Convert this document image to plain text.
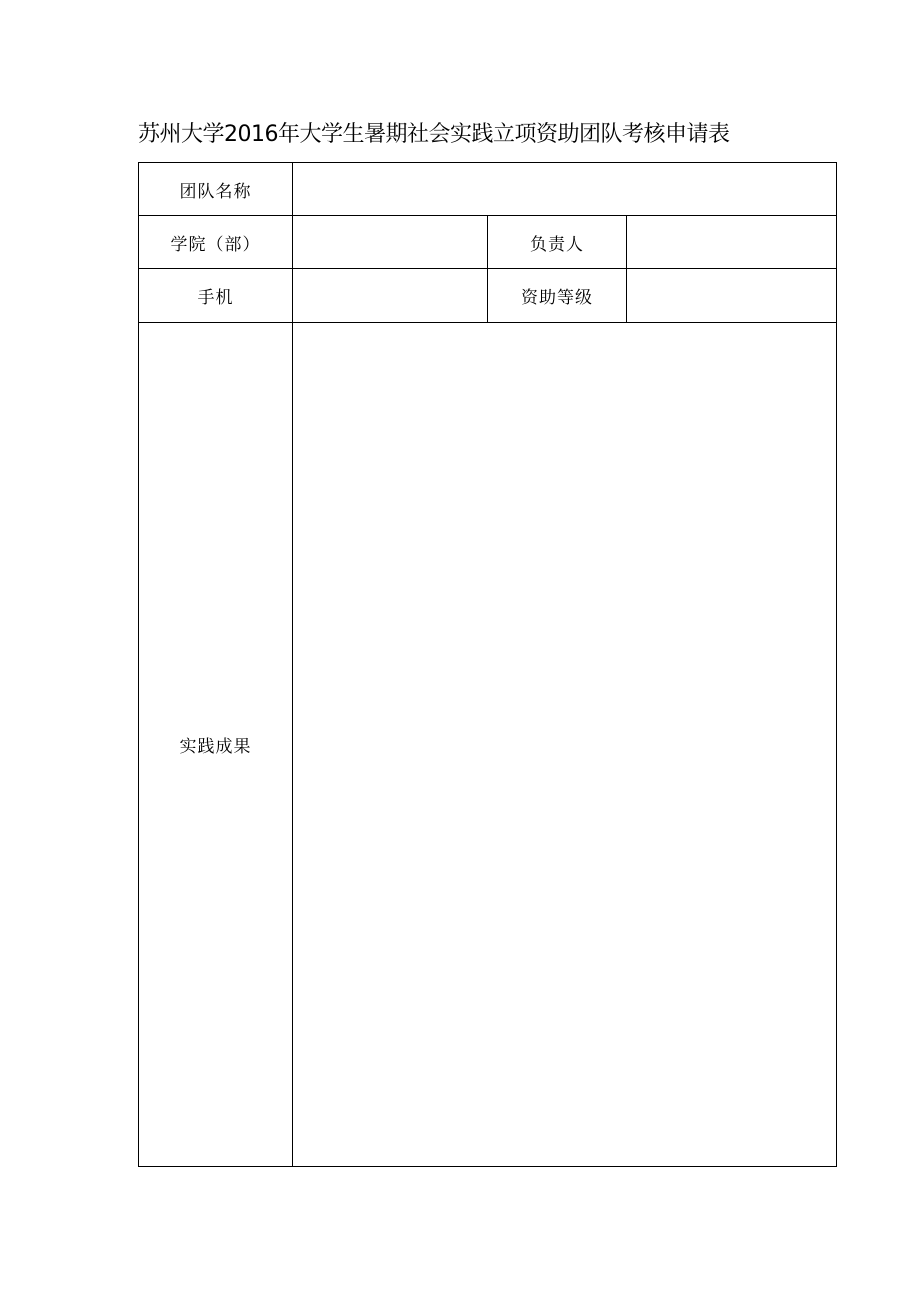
苏州大学2016年大学生暑期社会实践立项资助团队考核申请表
团队名称			
学院（部）		负责人	
手机		资助等级	
实践成果			
